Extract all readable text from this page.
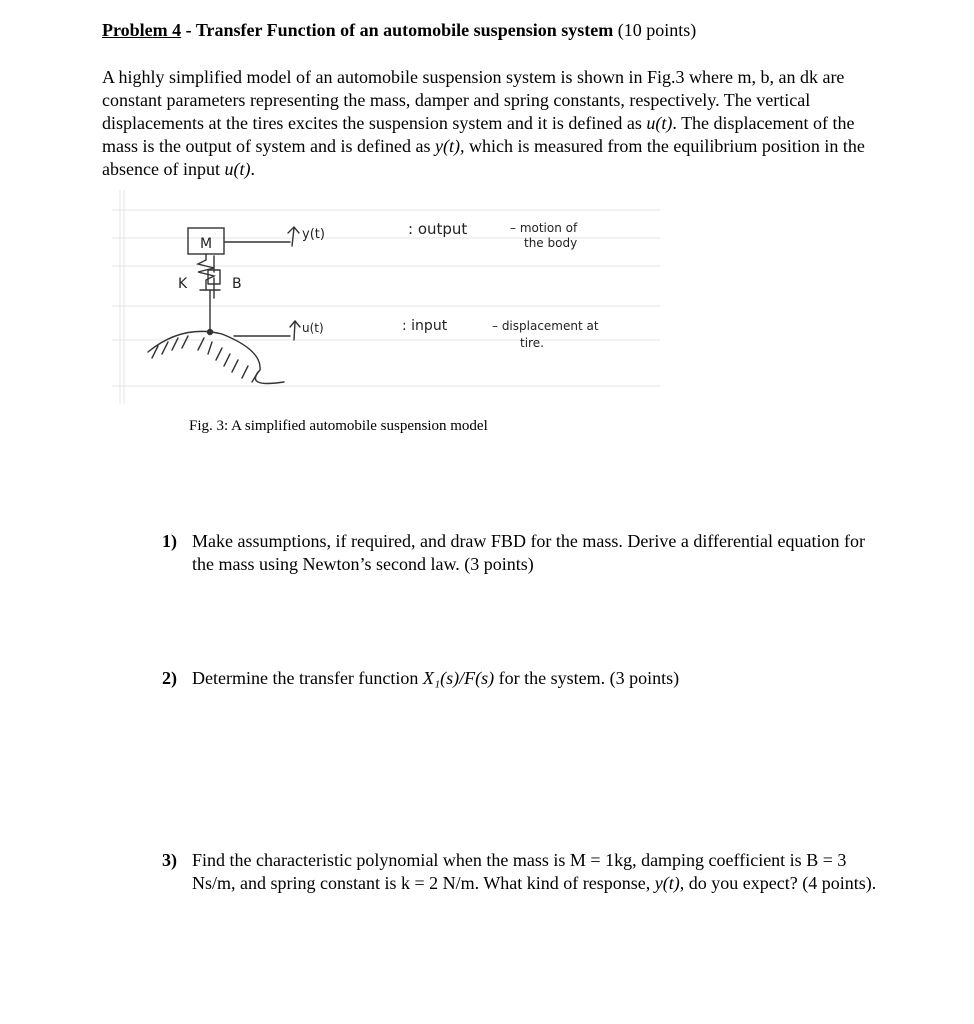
Problem 4 - Transfer Function of an automobile suspension system (10 points)
A highly simplified model of an automobile suspension system is shown in Fig.3 where m, b, an dk are constant parameters representing the mass, damper and spring constants, respectively. The vertical displacements at the tires excites the suspension system and it is defined as u(t). The displacement of the mass is the output of system and is defined as y(t), which is measured from the equilibrium position in the absence of input u(t).
M
K	B
y(t)
u(t)
: output	– motion of
the body
: input	– displacement at
tire.
Fig. 3: A simplified automobile suspension model
1) Make assumptions, if required, and draw FBD for the mass. Derive a differential equation for the mass using Newton’s second law. (3 points)
2) Determine the transfer function X₁(s)/F(s) for the system. (3 points)
3) Find the characteristic polynomial when the mass is M = 1kg, damping coefficient is B = 3 Ns/m, and spring constant is k = 2 N/m. What kind of response, y(t), do you expect? (4 points).
